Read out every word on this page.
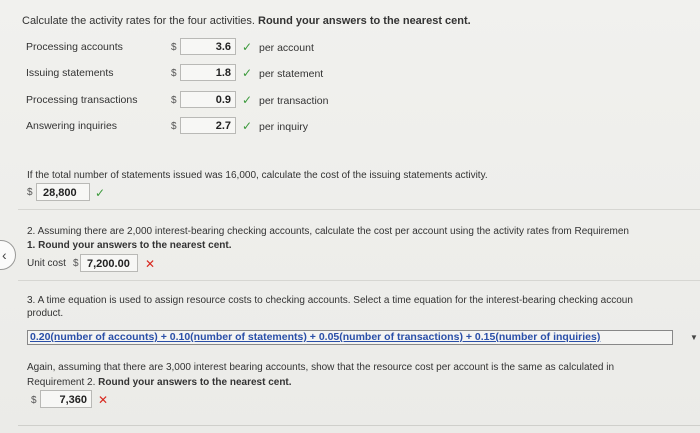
Calculate the activity rates for the four activities. Round your answers to the nearest cent.
Processing accounts	$	3.6 ✓ per account
Issuing statements	$	1.8 ✓ per statement
Processing transactions	$	0.9 ✓ per transaction
Answering inquiries	$	2.7 ✓ per inquiry
If the total number of statements issued was 16,000, calculate the cost of the issuing statements activity.
$ 28,800	✓
2. Assuming there are 2,000 interest-bearing checking accounts, calculate the cost per account using the activity rates from Requiremen
1. Round your answers to the nearest cent.
Unit cost $ 7,200.00	✕
3. A time equation is used to assign resource costs to checking accounts. Select a time equation for the interest-bearing checking accoun
product.
0.20(number of accounts) + 0.10(number of statements) + 0.05(number of transactions) + 0.15(number of inquiries)	▼
Again, assuming that there are 3,000 interest bearing accounts, show that the resource cost per account is the same as calculated in
Requirement 2. Round your answers to the nearest cent.
$	7,360 ✕
‹
